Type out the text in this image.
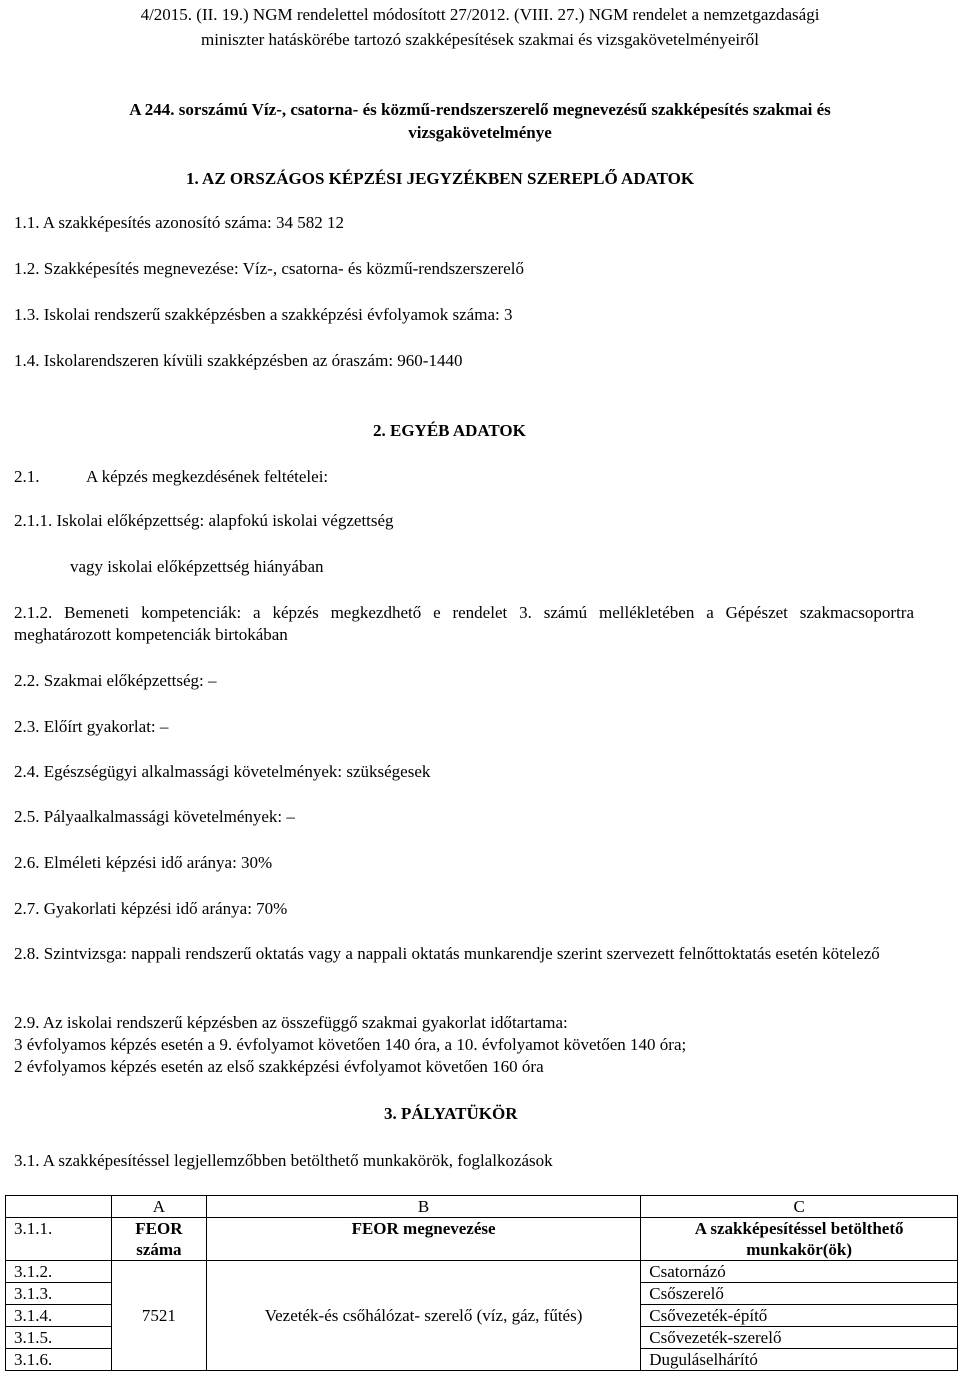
4/2015. (II. 19.) NGM rendelettel módosított 27/2012. (VIII. 27.) NGM rendelet a nemzetgazdasági
miniszter hatáskörébe tartozó szakképesítések szakmai és vizsgakövetelményeiről
A 244. sorszámú Víz-, csatorna- és közmű-rendszerszerelő megnevezésű szakképesítés szakmai és
vizsgakövetelménye
1. AZ ORSZÁGOS KÉPZÉSI JEGYZÉKBEN SZEREPLŐ ADATOK
1.1. A szakképesítés azonosító száma: 34 582 12
1.2. Szakképesítés megnevezése: Víz-, csatorna- és közmű-rendszerszerelő
1.3. Iskolai rendszerű szakképzésben a szakképzési évfolyamok száma: 3
1.4. Iskolarendszeren kívüli szakképzésben az óraszám: 960-1440
2. EGYÉB ADATOK
2.1.	A képzés megkezdésének feltételei:
2.1.1. Iskolai előképzettség: alapfokú iskolai végzettség
vagy iskolai előképzettség hiányában
2.1.2. Bemeneti kompetenciák: a képzés megkezdhető e rendelet 3. számú mellékletében a Gépészet szakmacsoportra meghatározott kompetenciák birtokában
2.2. Szakmai előképzettség: –
2.3. Előírt gyakorlat: –
2.4. Egészségügyi alkalmassági követelmények: szükségesek
2.5. Pályaalkalmassági követelmények: –
2.6. Elméleti képzési idő aránya: 30%
2.7. Gyakorlati képzési idő aránya: 70%
2.8. Szintvizsga: nappali rendszerű oktatás vagy a nappali oktatás munkarendje szerint szervezett felnőttoktatás esetén kötelező
2.9. Az iskolai rendszerű képzésben az összefüggő szakmai gyakorlat időtartama:
3 évfolyamos képzés esetén a 9. évfolyamot követően 140 óra, a 10. évfolyamot követően 140 óra;
2 évfolyamos képzés esetén az első szakképzési évfolyamot követően 160 óra
3. PÁLYATÜKÖR
3.1. A szakképesítéssel legjellemzőbben betölthető munkakörök, foglalkozások
	A	B	C
3.1.1.	FEOR száma	FEOR megnevezése	A szakképesítéssel betölthető munkakör(ök)
3.1.2.	7521	Vezeték-és csőhálózat- szerelő (víz, gáz, fűtés)	Csatornázó
3.1.3.			Csőszerelő
3.1.4.			Csővezeték-építő
3.1.5.			Csővezeték-szerelő
3.1.6.			Duguláselhárító
